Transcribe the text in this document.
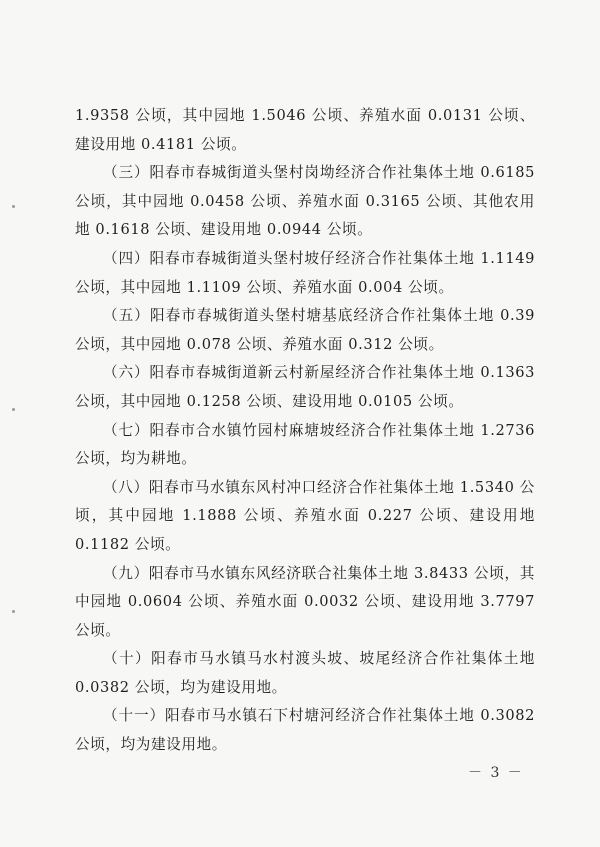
1.9358 公顷，其中园地 1.5046 公顷、养殖水面 0.0131 公顷、建设用地 0.4181 公顷。

（三）阳春市春城街道头堡村岗坳经济合作社集体土地 0.6185 公顷，其中园地 0.0458 公顷、养殖水面 0.3165 公顷、其他农用地 0.1618 公顷、建设用地 0.0944 公顷。

（四）阳春市春城街道头堡村坡仔经济合作社集体土地 1.1149 公顷，其中园地 1.1109 公顷、养殖水面 0.004 公顷。

（五）阳春市春城街道头堡村塘基底经济合作社集体土地 0.39 公顷，其中园地 0.078 公顷、养殖水面 0.312 公顷。

（六）阳春市春城街道新云村新屋经济合作社集体土地 0.1363 公顷，其中园地 0.1258 公顷、建设用地 0.0105 公顷。

（七）阳春市合水镇竹园村麻塘坡经济合作社集体土地 1.2736 公顷，均为耕地。

（八）阳春市马水镇东风村冲口经济合作社集体土地 1.5340 公顷，其中园地 1.1888 公顷、养殖水面 0.227 公顷、建设用地 0.1182 公顷。

（九）阳春市马水镇东风经济联合社集体土地 3.8433 公顷，其中园地 0.0604 公顷、养殖水面 0.0032 公顷、建设用地 3.7797 公顷。

（十）阳春市马水镇马水村渡头坡、坡尾经济合作社集体土地 0.0382 公顷，均为建设用地。

（十一）阳春市马水镇石下村塘河经济合作社集体土地 0.3082 公顷，均为建设用地。

－ 3 －
